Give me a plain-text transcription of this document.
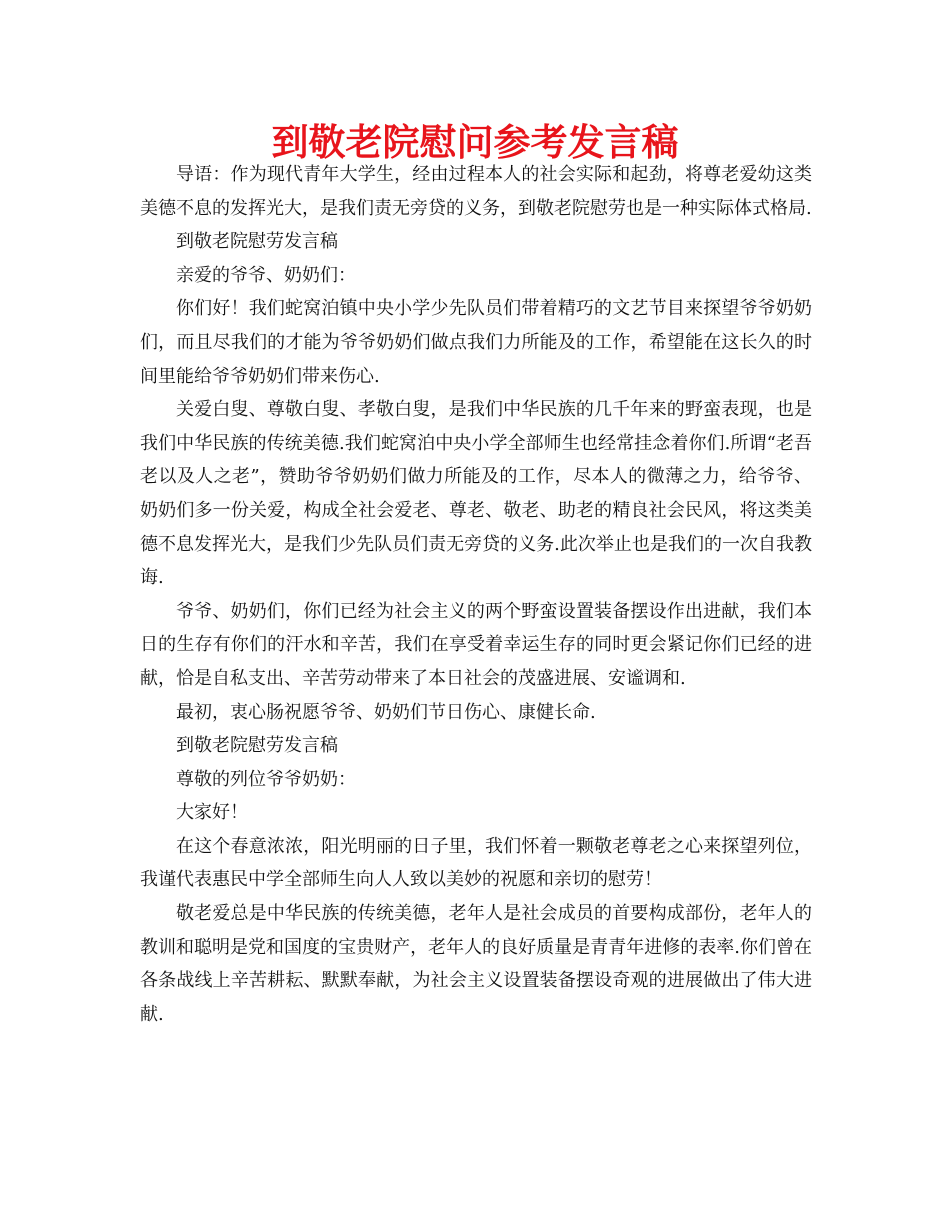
到敬老院慰问参考发言稿

导语：作为现代青年大学生，经由过程本人的社会实际和起劲，将尊老爱幼这类美德不息的发挥光大，是我们责无旁贷的义务，到敬老院慰劳也是一种实际体式格局.

到敬老院慰劳发言稿

亲爱的爷爷、奶奶们：

你们好！我们蛇窝泊镇中央小学少先队员们带着精巧的文艺节目来探望爷爷奶奶们，而且尽我们的才能为爷爷奶奶们做点我们力所能及的工作，希望能在这长久的时间里能给爷爷奶奶们带来伤心.

关爱白叟、尊敬白叟、孝敬白叟，是我们中华民族的几千年来的野蛮表现，也是我们中华民族的传统美德.我们蛇窝泊中央小学全部师生也经常挂念着你们.所谓“老吾老以及人之老”，赞助爷爷奶奶们做力所能及的工作，尽本人的微薄之力，给爷爷、奶奶们多一份关爱，构成全社会爱老、尊老、敬老、助老的精良社会民风，将这类美德不息发挥光大，是我们少先队员们责无旁贷的义务.此次举止也是我们的一次自我教诲.

爷爷、奶奶们，你们已经为社会主义的两个野蛮设置装备摆设作出进献，我们本日的生存有你们的汗水和辛苦，我们在享受着幸运生存的同时更会紧记你们已经的进献，恰是自私支出、辛苦劳动带来了本日社会的茂盛进展、安谧调和.

最初，衷心肠祝愿爷爷、奶奶们节日伤心、康健长命.

到敬老院慰劳发言稿

尊敬的列位爷爷奶奶：

大家好！

在这个春意浓浓，阳光明丽的日子里，我们怀着一颗敬老尊老之心来探望列位，我谨代表惠民中学全部师生向人人致以美妙的祝愿和亲切的慰劳！

敬老爱总是中华民族的传统美德，老年人是社会成员的首要构成部份，老年人的教训和聪明是党和国度的宝贵财产，老年人的良好质量是青青年进修的表率.你们曾在各条战线上辛苦耕耘、默默奉献，为社会主义设置装备摆设奇观的进展做出了伟大进献.
